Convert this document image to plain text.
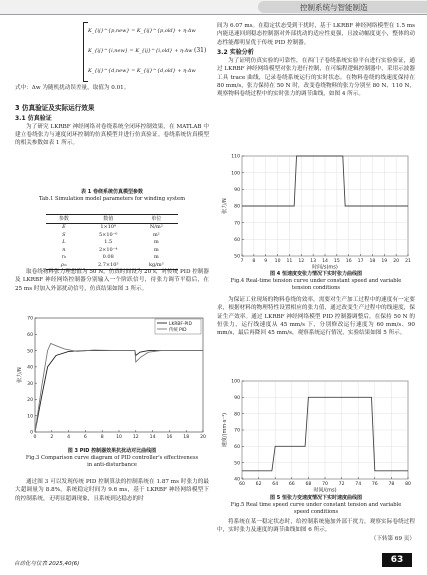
控制系统与智能制造
K_{ij}^{p,new} = K_{ij}^{p,old} + η·Δw
K_{ij}^{i,new} = K_{ij}^{i,old} + η·Δw
K_{ij}^{d,new} = K_{ij}^{d,old} + η·Δw
(31)

式中：Δw 为随机扰动误差量，取值为 0.01。

3 仿真验证及实际运行效果

3.1 仿真验证

为了研究 LKRBF 神经网络对卷绕系统全闭环控制效果，在 MATLAB 中建立卷绕张力与速度闭环控制的仿真模型并进行仿真验证。卷绕系统仿真模型的相关参数如表 1 所示。

表 1 卷绕系统仿真模型参数

Tab.1 Simulation model parameters for winding system

参数	数值	单位
E	1×10⁹	N/m²
S	5×10⁻⁶	m²
L	1.5	m
n	2×10⁻⁴	m
r₀	0.08	m
ρₘ	2.7×10³	kg/m³

取卷绕物料张力理想值为 50 N，仿真时间设为 20 s，对传统 PID 控制器及 LKRBF 神经网络控制器分别输入一个阶跃信号，待张力调节平稳后，在 25 ms 时加入外部扰动信号，仿真结果如图 3 所示。

0
10
20
30
40
50
60
70
0	2	4	6	8	10 12 14 16 18 20
张力/N
LKRBF-PID
传统 PID

图 3 PID 控制器效果抗扰动对比曲线图

Fig.3 Comparison curve diagram of PID controller's effectiveness in anti-disturbance

通过图 3 可以发现传统 PID 控制算法的控制系统在 1.87 ms 时张力的最大超调量为 8.8%，系统稳定时间为 9.6 ms，基于 LKRBF 神经网络模型下的控制系统，无明显超调现象，且系统到达稳态的时

间为 6.07 ms。在稳定状态受到干扰时，基于 LKRBF 神经网络模型在 1.5 ms 内能迅速回到稳态控制器对外部扰动的适应性更强，且波动幅度更小，整体的动态性能都明显优于传统 PID 控制器。

3.2 实验分析

为了证明仿真实验的可靠性，在西门子卷绕系统实验平台进行实验验证，通过 LKRBF 神经网络模型对张力进行控制，在可编程逻辑控制器中，采用示波器工具 trace 曲线，记录卷绕系统运行的实时状态。在物料卷绕的线速度保持在 80 mm/s，张力保持在 50 N 时，改变卷绕物料的张力分别至 80 N、110 N，观察物料卷绕过程中的实时张力的调节曲线，如图 4 所示。

110
100
90
80
70
60
50
7 8 9 10 11 12 13 14 15 16 17 18 19 20 21
张力/N
时间/s(ms)

图 4 恒速度变张力情况下实时张力曲线图

Fig.4 Real-time tension curve under constant speed and variable tension conditions

为保证工业现场的物料卷绕的效率，需要对生产加工过程中的速度有一定要求，根据材料的物理特性设置相应的张力值，通过改变生产过程中的线速度，保证生产效率。通过 LKRBF 神经网络模型 PID 控制器调整后，在保持 50 N 的恒张力，运行线速度从 45 mm/s 下，分别修改运行速度为 60 mm/s、90 mm/s，最后再降回 45 mm/s，观察系统运行情况，实验结果如图 5 所示。

100
90
80
70
60
50
40
60 62 64 66 68 70 72 74 76 78 80
速度/(mm·s⁻¹)
时间/(ms)

图 5 恒张力变速度情况下实时速度曲线图

Fig.5 Real time speed curve under constant tension and variable speed conditions

将系统在某一稳定状态时，给控制系统施加外部干扰力，观察实际卷绕过程中，实时张力及速度的调节曲线如图 6 所示。

（下转第 69 页）

自动化与仪表 2025,40(6)	63
